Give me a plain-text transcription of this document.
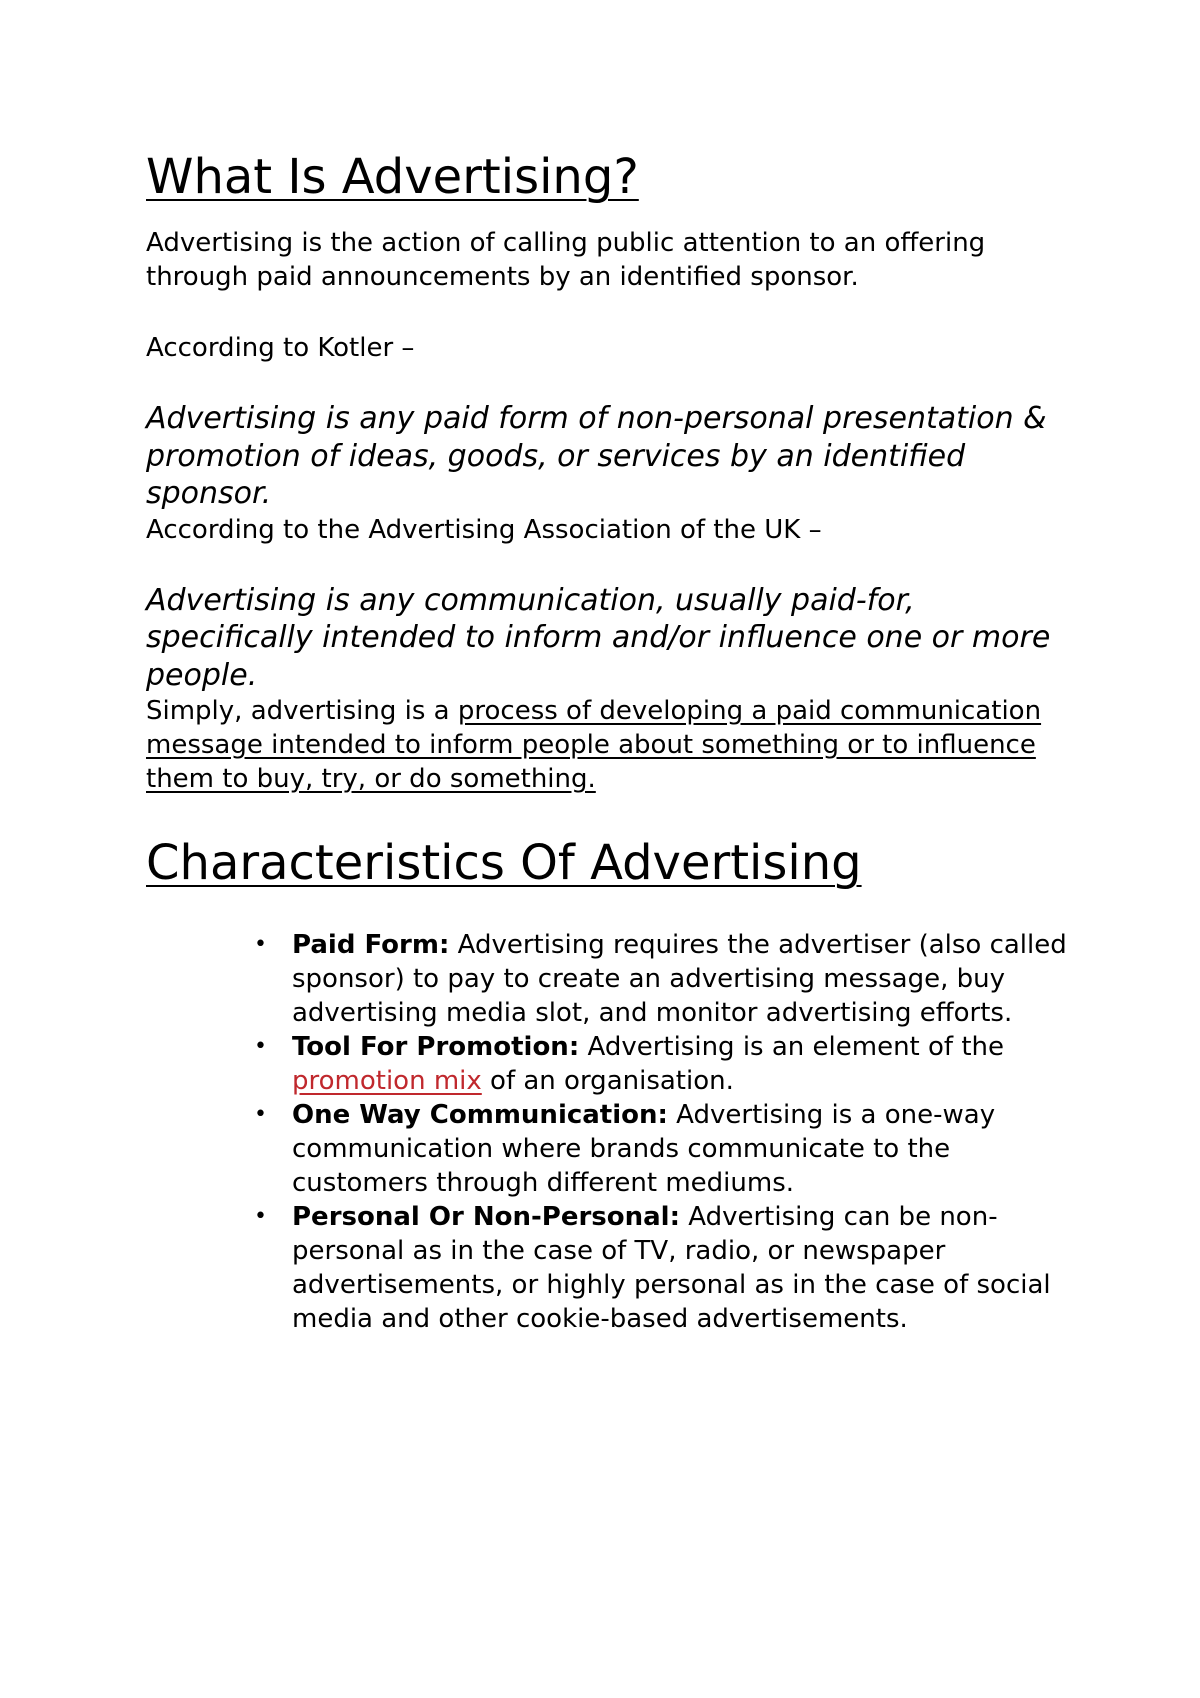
What Is Advertising?

Advertising is the action of calling public attention to an offering through paid announcements by an identified sponsor.

According to Kotler –

Advertising is any paid form of non-personal presentation & promotion of ideas, goods, or services by an identified sponsor.

According to the Advertising Association of the UK –

Advertising is any communication, usually paid-for, specifically intended to inform and/or influence one or more people.

Simply, advertising is a process of developing a paid communication message intended to inform people about something or to influence them to buy, try, or do something.

Characteristics Of Advertising
• Paid Form: Advertising requires the advertiser (also called sponsor) to pay to create an advertising message, buy advertising media slot, and monitor advertising efforts.
• Tool For Promotion: Advertising is an element of the promotion mix of an organisation.
• One Way Communication: Advertising is a one-way communication where brands communicate to the customers through different mediums.
• Personal Or Non-Personal: Advertising can be non-personal as in the case of TV, radio, or newspaper advertisements, or highly personal as in the case of social media and other cookie-based advertisements.
